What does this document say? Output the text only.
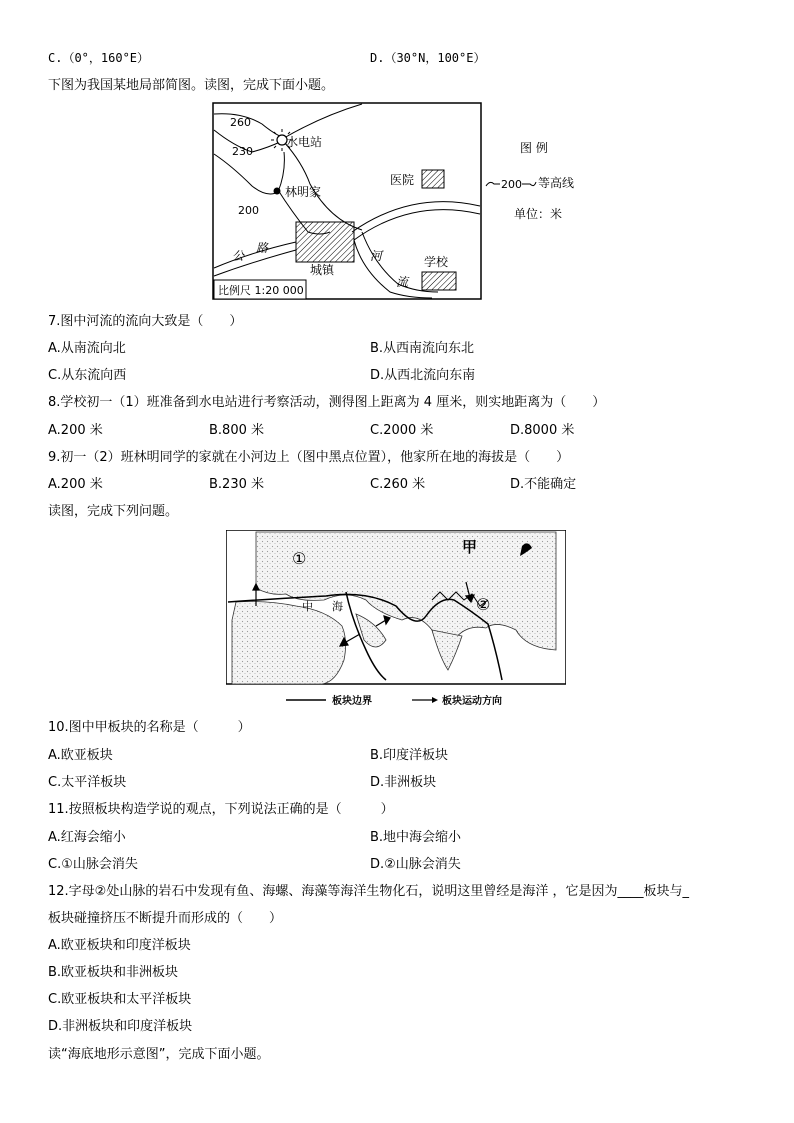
C.（0°，160°E）	D.（30°N，100°E）
下图为我国某地局部简图。读图，完成下面小题。
260
230
200
水电站
林明家
医院
公
路
河
流
城镇
学校
比例尺 1:20 000
图 例
200 等高线
单位：米
7.图中河流的流向大致是（　　）
A.从南流向北	B.从西南流向东北
C.从东流向西	D.从西北流向东南
8.学校初一（1）班准备到水电站进行考察活动，测得图上距离为 4 厘米，则实地距离为（　　）
A.200 米	B.800 米	C.2000 米	D.8000 米
9.初一（2）班林明同学的家就在小河边上（图中黑点位置），他家所在地的海拔是（　　）
A.200 米	B.230 米	C.260 米	D.不能确定
读图，完成下列问题。
甲
①
②
中 海
板块边界	板块运动方向
10.图中甲板块的名称是（　　　）
A.欧亚板块	B.印度洋板块
C.太平洋板块	D.非洲板块
11.按照板块构造学说的观点，下列说法正确的是（　　　）
A.红海会缩小	B.地中海会缩小
C.①山脉会消失	D.②山脉会消失
12.字母②处山脉的岩石中发现有鱼、海螺、海藻等海洋生物化石，说明这里曾经是海洋 ，它是因为____板块与_
板块碰撞挤压不断提升而形成的（　　）
A.欧亚板块和印度洋板块
B.欧亚板块和非洲板块
C.欧亚板块和太平洋板块
D.非洲板块和印度洋板块
读“海底地形示意图”，完成下面小题。
